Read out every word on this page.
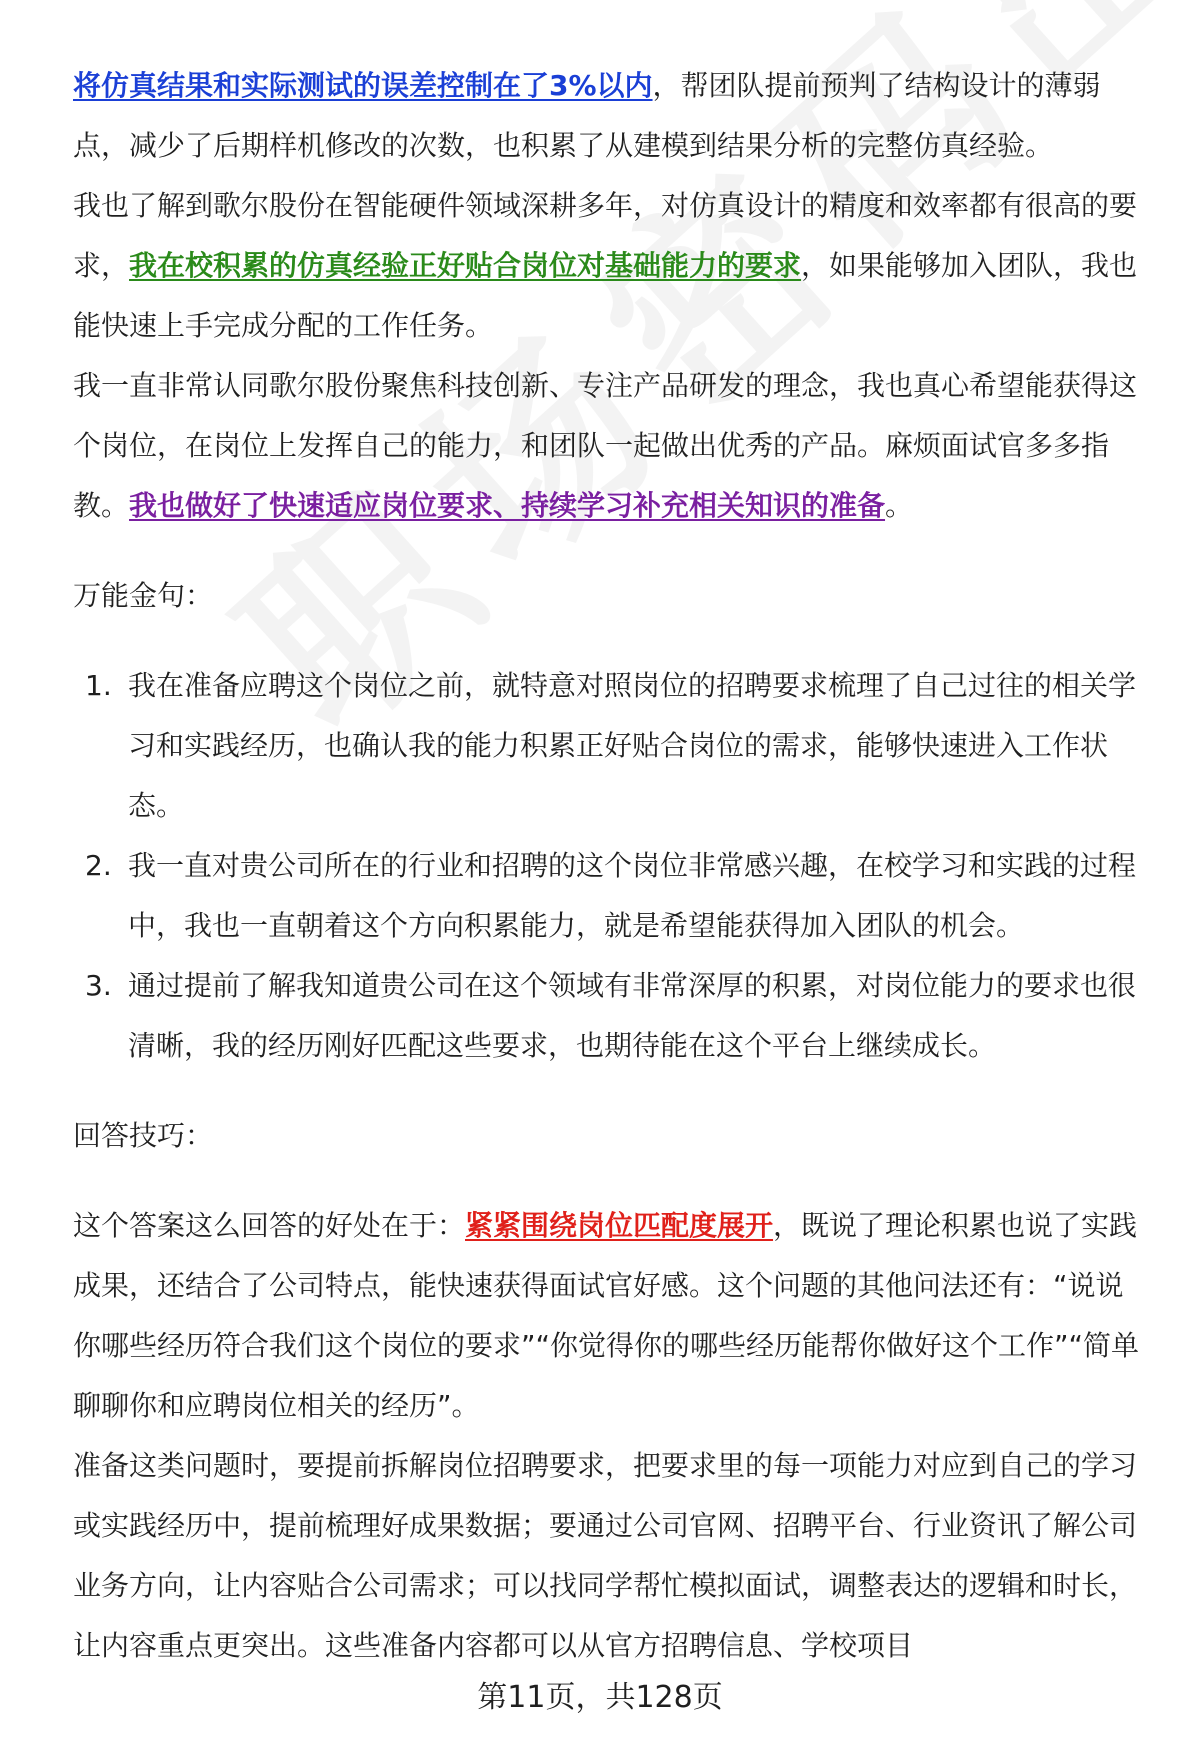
将仿真结果和实际测试的误差控制在了3%以内，帮团队提前预判了结构设计的薄弱点，减少了后期样机修改的次数，也积累了从建模到结果分析的完整仿真经验。

我也了解到歌尔股份在智能硬件领域深耕多年，对仿真设计的精度和效率都有很高的要求，我在校积累的仿真经验正好贴合岗位对基础能力的要求，如果能够加入团队，我也能快速上手完成分配的工作任务。

我一直非常认同歌尔股份聚焦科技创新、专注产品研发的理念，我也真心希望能获得这个岗位，在岗位上发挥自己的能力，和团队一起做出优秀的产品。麻烦面试官多多指教。我也做好了快速适应岗位要求、持续学习补充相关知识的准备。

万能金句：

1. 我在准备应聘这个岗位之前，就特意对照岗位的招聘要求梳理了自己过往的相关学习和实践经历，也确认我的能力积累正好贴合岗位的需求，能够快速进入工作状态。
2. 我一直对贵公司所在的行业和招聘的这个岗位非常感兴趣，在校学习和实践的过程中，我也一直朝着这个方向积累能力，就是希望能获得加入团队的机会。
3. 通过提前了解我知道贵公司在这个领域有非常深厚的积累，对岗位能力的要求也很清晰，我的经历刚好匹配这些要求，也期待能在这个平台上继续成长。

回答技巧：

这个答案这么回答的好处在于：紧紧围绕岗位匹配度展开，既说了理论积累也说了实践成果，还结合了公司特点，能快速获得面试官好感。这个问题的其他问法还有：“说说你哪些经历符合我们这个岗位的要求”“你觉得你的哪些经历能帮你做好这个工作”“简单聊聊你和应聘岗位相关的经历”。

准备这类问题时，要提前拆解岗位招聘要求，把要求里的每一项能力对应到自己的学习或实践经历中，提前梳理好成果数据；要通过公司官网、招聘平台、行业资讯了解公司业务方向，让内容贴合公司需求；可以找同学帮忙模拟面试，调整表达的逻辑和时长，让内容重点更突出。这些准备内容都可以从官方招聘信息、学校项目

第11页，共128页
